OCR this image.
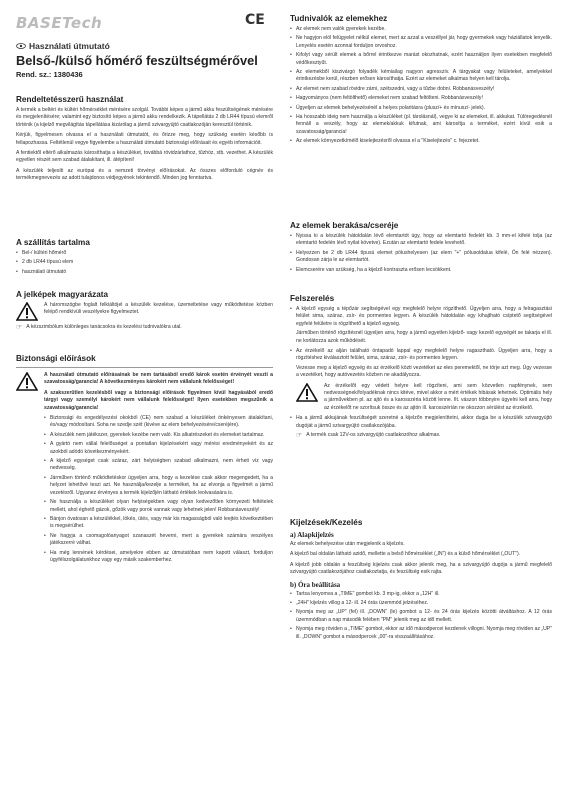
BASETech	CE
Használati útmutató
Belső-/külső hőmérő feszültségmérővel
Rend. sz.: 1380436
Rendeltetésszerű használat

A termék a beltéri és kültéri hőmérséklet mérésére szolgál. További képes a jármű akku feszültségének mérésére és megjelenítésére; valamint egy biztosító képes a jármű akku rendelkezik. A tápellátás 2 db LR44 típusú elemről történik (a kijelző megvilágítás tápellátása kizárólag a jármű szivargyújtó csatlakozóján keresztül történik.

Kérjük, figyelmesen olvassa el a használati útmutatót, és őrizze meg, hogy szükség esetén később is fellapozhassa. Feltétlenül vegye figyelembe a használati útmutató biztonsági előírásait és egyéb információit.

A fentiektől eltérő alkalmazás károsíthatja a készüléket, továbbá rövidzárlathoz, tűzhöz, stb. vezethet. A készülék egyetlen részét sem szabad átalakítani, ill. átépíteni!

A készülék teljesíti az európai és a nemzeti törvényi előírásokat. Az összes előforduló cégnév és termékmegnevezés az adott tulajdonos védjegyének tekintendő. Minden jog fenntartva.

A szállítás tartalma
• Bel-/ kültéri hőmérő
• 2 db LR44 típusú elem
• használati útmutató
A jelképek magyarázata

A háromszögbe foglalt felkiáltójel a készülék kezelése, üzemeltetése vagy működtetése közben felépő rendkívüli veszélyekre figyelmeztet.

☞ A kézszimbólum különleges tanácsokra és kezelési tudnivalókra utal.

Biztonsági előírások

A használati útmutató előírásainak be nem tartásából eredő károk esetén érvényét veszti a szavatosság/garancia! A következményes károkért nem vállalunk felelősséget!

A szakszerűtlen kezelésből vagy a biztonsági előírások figyelmen kívül hagyásából eredő tárgyi vagy személyi károkért nem vállalunk felelősséget! Ilyen esetekben megszűnik a szavatosság/garancia!

• Biztonsági és engedélyezési okokból (CE) nem szabad a készüléket önkényesen átalakítani, és/vagy módosítani. Soha ne szedje szét (kivéve az elem behelyezésére/cseréjére).
• A készülék nem játékszer, gyerekek kezébe nem való. Kis alkatrészeket és elemeket tartalmaz.
• A gyártó nem vállal felelősséget a pontatlan kijelzésekért vagy mérési eredményekért és az azokból adódó következményekért.
• A kijelző egységet csak száraz, zárt helyiségben szabad alkalmazni, nem érheti víz vagy nedvesség.
• Járműben történő működtetéskor ügyeljen arra, hogy a kezelése csak akkor megengedett, ha a helyzet lehetővé teszi azt. Ne használja/kezelje a terméket, ha az elvonja a figyelmét a jármű vezetésről. Ugyanez érvényes a termék kijelzőjén látható értékek leolvasására is.
• Ne használja a készüléket olyan helyiségekben vagy olyan kedvezőtlen környezeti feltételek mellett, ahol éghető gázok, gőzök vagy porok vannak vagy lehetnek jelen! Robbanásveszély!
• Bánjon óvatosan a készülékkel, lökés, ütés, vagy már kis magasságból való leejtés következtében is megsérülhet.
• Ne hagyja a csomagolóanyagot szanaszét heverni, mert a gyerekek számára veszélyes játékszerré válhat.
• Ha még lennének kérdései, amelyekre ebben az útmutatóban nem kapott választ, forduljon ügyfélszolgálatunkhoz vagy egy másik szakemberhez.
Tudnivalók az elemekhez
• Az elemek nem valók gyerekek kezébe.
• Ne hagyjon elöl felügyelet nélkül elemet, mert az azzal a veszéllyel jár, hogy gyermekek vagy háziállatok lenyelik. Lenyelés esetén azonnal forduljon orvoshoz.
• Kifolyt vagy sérült elemek a bőrrel érintkezve marást okozhatnak, ezért használjon ilyen esetekben megfelelő védőkesztyűt.
• Az elemekből kiszivárgó folyadék kémiailag nagyon agresszív. A tárgyakat vagy felületeket, amelyekkel érintkezésbe kerül, részben erősen károsíthatja. Ezért az elemeket alkalmas helyen kell tárolja.
• Az elemet nem szabad rövidre zárni, szétszedni, vagy a tűzbe dobni. Robbanásveszély!
• Hagyományos (nem feltölthető) elemeket nem szabad feltölteni. Robbanásveszély!
• Ügyeljen az elemek behelyezésénél a helyes polaritásra (plusz/+ és mínusz/- jelek).
• Ha hosszabb ideig nem használja a készüléket (pl. tárolásnál), vegye ki az elemeket, ill. akkukat. Túlöregedésnél fennáll a veszély, hogy az elemek/akkuk kifutnak, ami károsítja a terméket, ezért kívül esik a szavatosság/garancia!
• Az elemek környezetkímélő kiselejtezésről olvassa el a "Kiselejtezés" c. fejezetet.
Az elemek berakása/cseréje
• Nyissa ki a készülék hátoldalán lévő elemtartót úgy, hogy az elemtartó fedelét kb. 3 mm-el kifelé tolja (az elemtartó fedelén lévő nyilat követve). Ezután az elemtartó fedele levehető.
• Helyezzen be 2 db LR44 típusú elemet pólushelyesen (az elem "+" pólusoldalua kifelé, Ön felé nézzen). Gondosan zárja le az elemtartót.
• Elemcserére van szükség, ha a kijelző kontraszta erősen lecsökkent.
Felszerelés
• A kijelző egység a tépőzár segítségével egy megfelelő helyre rögzíthető. Ügyeljen arra, hogy a felragasztási felület sima, száraz, zsír- és pormentes legyen. A készülék hátoldalán egy kihajtható csíptető segítségével egyfelé felületre is rögzíthető a kijelző egység.

Járműben történő rögzítésnél ügyeljen arra, hogy a jármű egyetlen kijelző- vagy kezelő egységét se takarja el ill. ne korlátozza azok működését.

• Az érzékelő az alján található öntapadó lappal egy megfelelő helyre ragasztható. Ügyeljen arra, hogy a rögzítéshez kiválasztott felület, sima, száraz, zsír- és pormentes legyen.

Vezesse meg a kijelző egység és az érzékelő közti vezetéket az eles peremektől, ne törje azt meg. Úgy vezesse a vezetéket, hogy autóvezetés közben ne akadályozza.

Az érzékelőt egy védett helyre kell rögzíteni, ami sem közvetlen napfénynek, sem nedvességnek/folyadéknak nincs kitéve, mivel akkor a mért értékek hibásak lehetnek. Optimális hely a járművekben pl. az ajtó és a karosszéria között lenne. Ilt. vászon többnyire ügyelni kell arra, hogy az érzékelőt ne szorítsuk össze és az ajtón ill. karosszérián ne okozzon sérülést az érzékelő.

• Ha a jármű akkujának feszültségét szeretné a kijelzőn megjeleníttetni, akkor dugja be a készülék szivargyújtó dugóját a jármű szivargyújtó csatlakozójába.
☞ A termék csak 12V-os szivargyújtó csatlakozóhoz alkalmas.

Kijelzések/Kezelés
a) Alapkijelzés

Az elemek behelyezése után megjelenik a kijelzés.

A kijelző bal oldalán látható azidő, mellette a belső hőmérséklet („IN") és a külső hőmérséklet („OUT").

A kijelző jobb oldalán a feszültség kijelzés csak akkor jelenik meg, ha a szivargyújtó dugója a jármű megfelelő szivargyújtó csatlakozójához csatlakoztatja, és feszültség esik rajta.

b) Óra beállítása
• Tartsa lenyomva a „TIME" gombot kb. 3 mp-ig, ekkor a „12H" ill.
• „24H" kijelzés villog a 12- ill. 24 órás üzemmód jelzéséhez.
• Nyomja meg az „UP" (fel) ill. „DOWN" (le) gombot a 12- és 24 órás kijelzés közötti átváltáshoz. A 12 órás üzemmódban a nap második felében "PM" jelenik meg az idő mellett.
• Nyomja meg röviden a „TIME" gombot, ekkor az idő másodpercei kezdenek villogni. Nyomja meg röviden az „UP" ill. „DOWN" gombot a másodpercek „00"-ra visszaállításához.
